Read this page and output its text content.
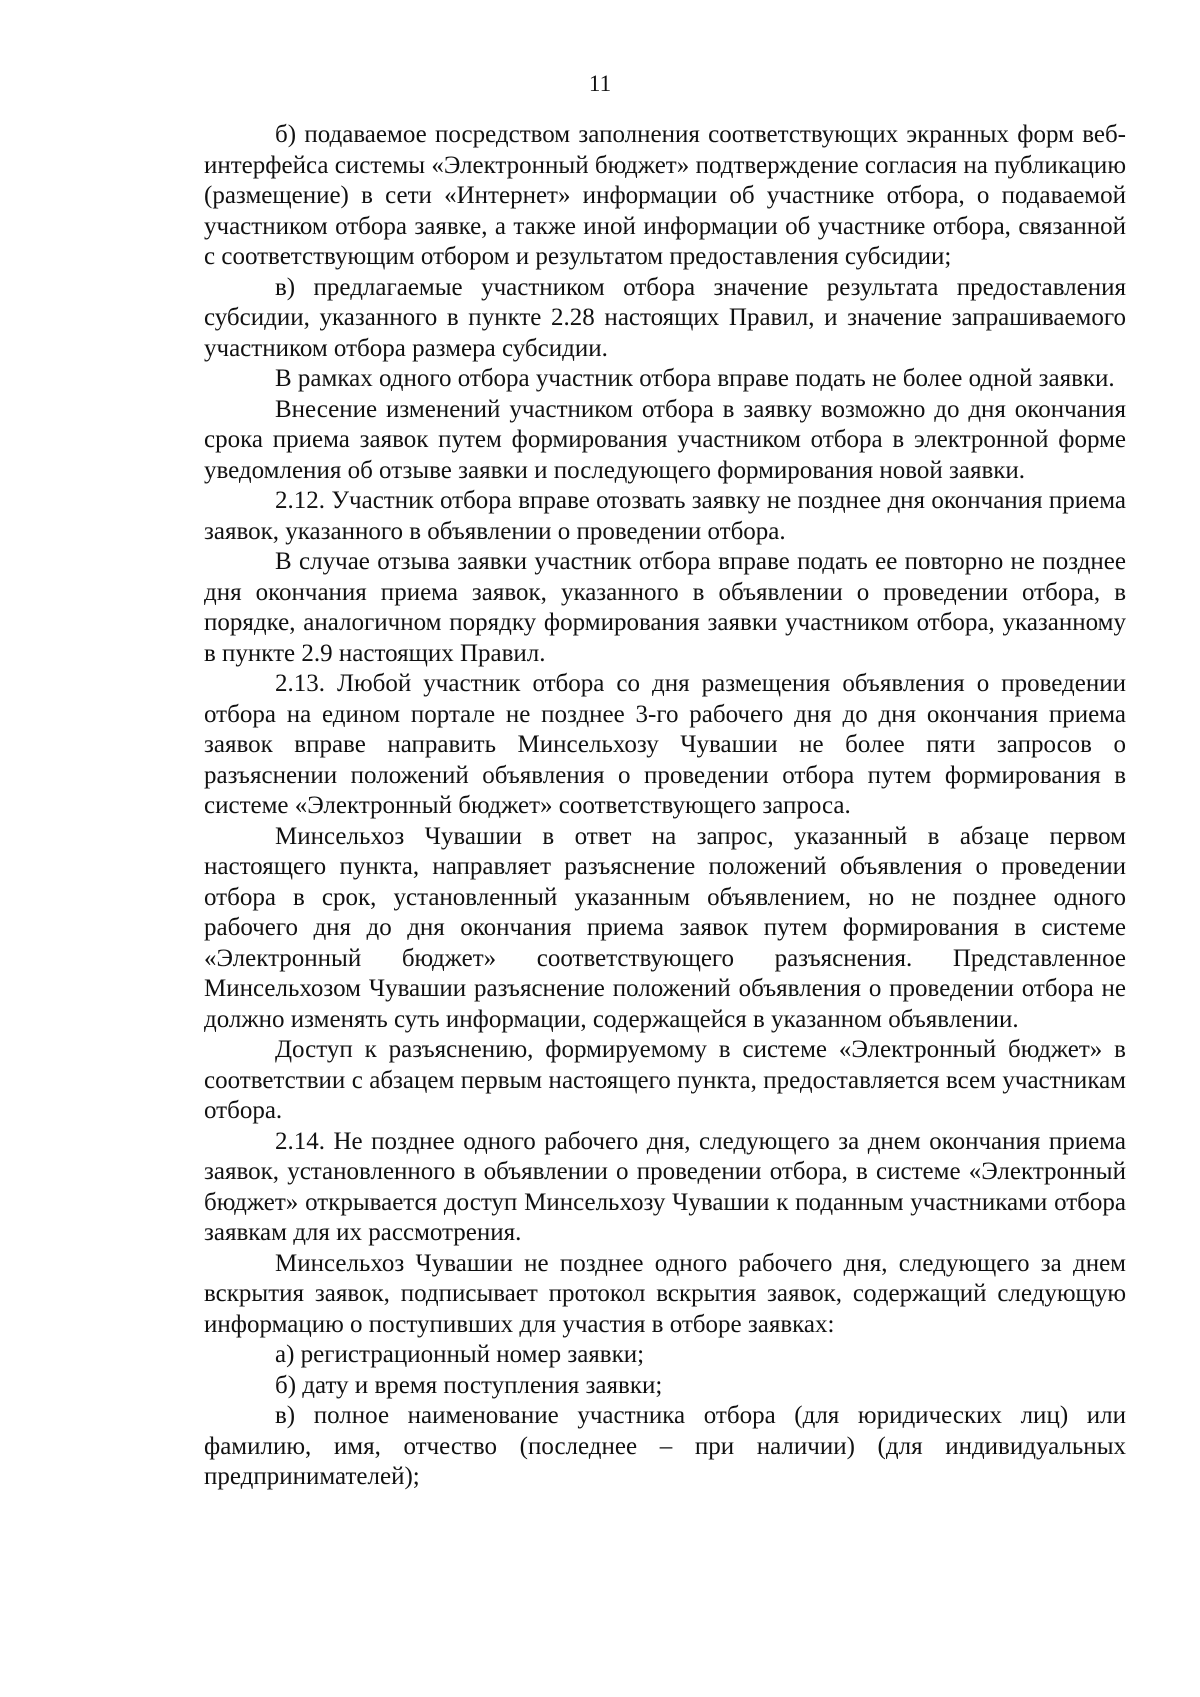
11

б) подаваемое посредством заполнения соответствующих экранных форм веб-интерфейса системы «Электронный бюджет» подтверждение согласия на публикацию (размещение) в сети «Интернет» информации об участнике отбора, о подаваемой участником отбора заявке, а также иной информации об участнике отбора, связанной с соответствующим отбором и результатом предоставления субсидии;

в) предлагаемые участником отбора значение результата предоставления субсидии, указанного в пункте 2.28 настоящих Правил, и значение запрашиваемого участником отбора размера субсидии.

В рамках одного отбора участник отбора вправе подать не более одной заявки.

Внесение изменений участником отбора в заявку возможно до дня окончания срока приема заявок путем формирования участником отбора в электронной форме уведомления об отзыве заявки и последующего формирования новой заявки.

2.12. Участник отбора вправе отозвать заявку не позднее дня окончания приема заявок, указанного в объявлении о проведении отбора.

В случае отзыва заявки участник отбора вправе подать ее повторно не позднее дня окончания приема заявок, указанного в объявлении о проведении отбора, в порядке, аналогичном порядку формирования заявки участником отбора, указанному в пункте 2.9 настоящих Правил.

2.13. Любой участник отбора со дня размещения объявления о проведении отбора на едином портале не позднее 3-го рабочего дня до дня окончания приема заявок вправе направить Минсельхозу Чувашии не более пяти запросов о разъяснении положений объявления о проведении отбора путем формирования в системе «Электронный бюджет» соответствующего запроса.

Минсельхоз Чувашии в ответ на запрос, указанный в абзаце первом настоящего пункта, направляет разъяснение положений объявления о проведении отбора в срок, установленный указанным объявлением, но не позднее одного рабочего дня до дня окончания приема заявок путем формирования в системе «Электронный бюджет» соответствующего разъяснения. Представленное Минсельхозом Чувашии разъяснение положений объявления о проведении отбора не должно изменять суть информации, содержащейся в указанном объявлении.

Доступ к разъяснению, формируемому в системе «Электронный бюджет» в соответствии с абзацем первым настоящего пункта, предоставляется всем участникам отбора.

2.14. Не позднее одного рабочего дня, следующего за днем окончания приема заявок, установленного в объявлении о проведении отбора, в системе «Электронный бюджет» открывается доступ Минсельхозу Чувашии к поданным участниками отбора заявкам для их рассмотрения.

Минсельхоз Чувашии не позднее одного рабочего дня, следующего за днем вскрытия заявок, подписывает протокол вскрытия заявок, содержащий следующую информацию о поступивших для участия в отборе заявках:

а) регистрационный номер заявки;

б) дату и время поступления заявки;

в) полное наименование участника отбора (для юридических лиц) или фамилию, имя, отчество (последнее – при наличии) (для индивидуальных предпринимателей);
